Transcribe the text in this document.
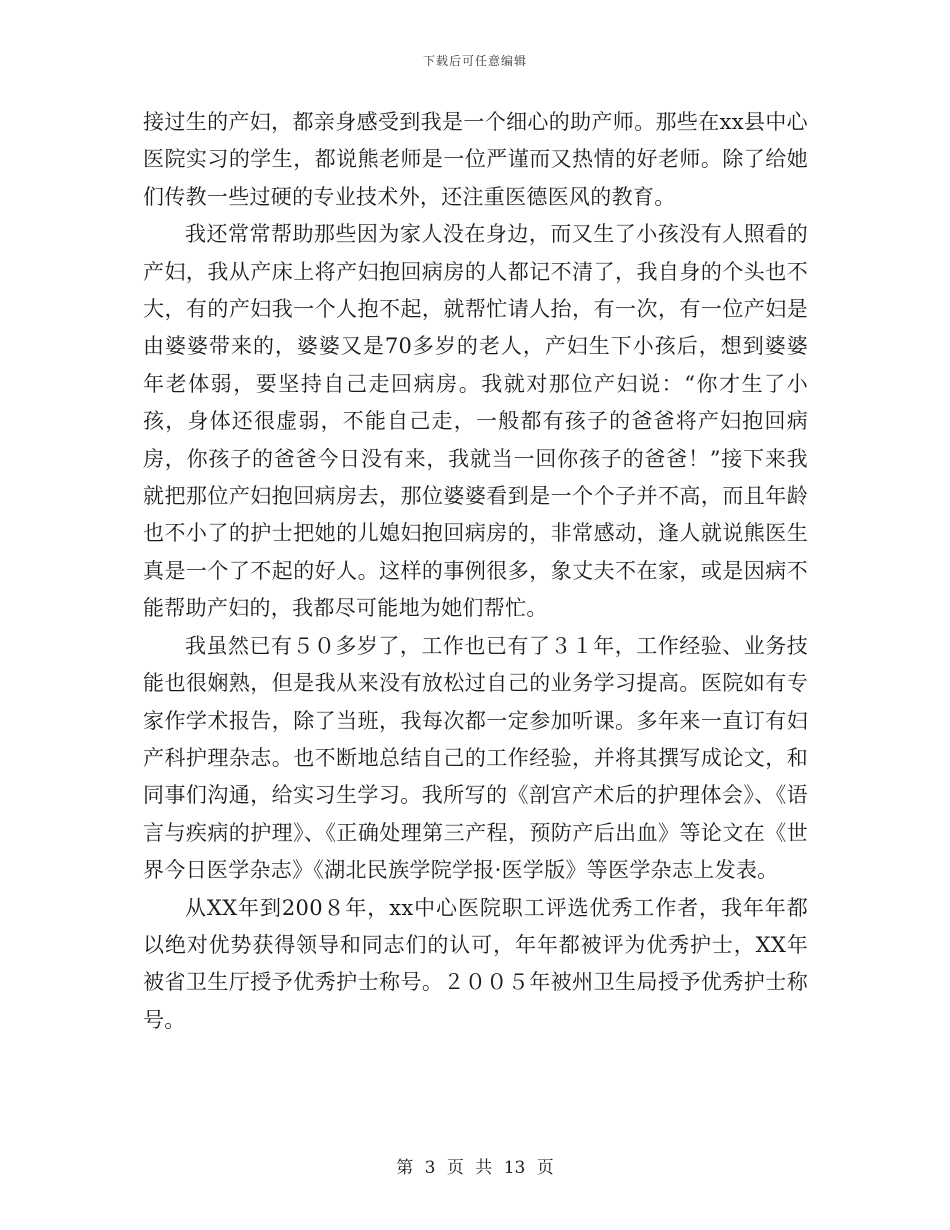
下载后可任意编辑

接过生的产妇，都亲身感受到我是一个细心的助产师。那些在xx县中心医院实习的学生，都说熊老师是一位严谨而又热情的好老师。除了给她们传教一些过硬的专业技术外，还注重医德医风的教育。

我还常常帮助那些因为家人没在身边，而又生了小孩没有人照看的产妇，我从产床上将产妇抱回病房的人都记不清了，我自身的个头也不大，有的产妇我一个人抱不起，就帮忙请人抬，有一次，有一位产妇是由婆婆带来的，婆婆又是70多岁的老人，产妇生下小孩后，想到婆婆年老体弱，要坚持自己走回病房。我就对那位产妇说：“你才生了小孩，身体还很虚弱，不能自己走，一般都有孩子的爸爸将产妇抱回病房，你孩子的爸爸今日没有来，我就当一回你孩子的爸爸！”接下来我就把那位产妇抱回病房去，那位婆婆看到是一个个子并不高，而且年龄也不小了的护士把她的儿媳妇抱回病房的，非常感动，逢人就说熊医生真是一个了不起的好人。这样的事例很多，象丈夫不在家，或是因病不能帮助产妇的，我都尽可能地为她们帮忙。

我虽然已有５０多岁了，工作也已有了３１年，工作经验、业务技能也很娴熟，但是我从来没有放松过自己的业务学习提高。医院如有专家作学术报告，除了当班，我每次都一定参加听课。多年来一直订有妇产科护理杂志。也不断地总结自己的工作经验，并将其撰写成论文，和同事们沟通，给实习生学习。我所写的《剖宫产术后的护理体会》、《语言与疾病的护理》、《正确处理第三产程，预防产后出血》等论文在《世界今日医学杂志》《湖北民族学院学报·医学版》等医学杂志上发表。

从XX年到200８年，xx中心医院职工评选优秀工作者，我年年都以绝对优势获得领导和同志们的认可，年年都被评为优秀护士，XX年被省卫生厅授予优秀护士称号。２００５年被州卫生局授予优秀护士称号。

第 3 页 共 13 页
